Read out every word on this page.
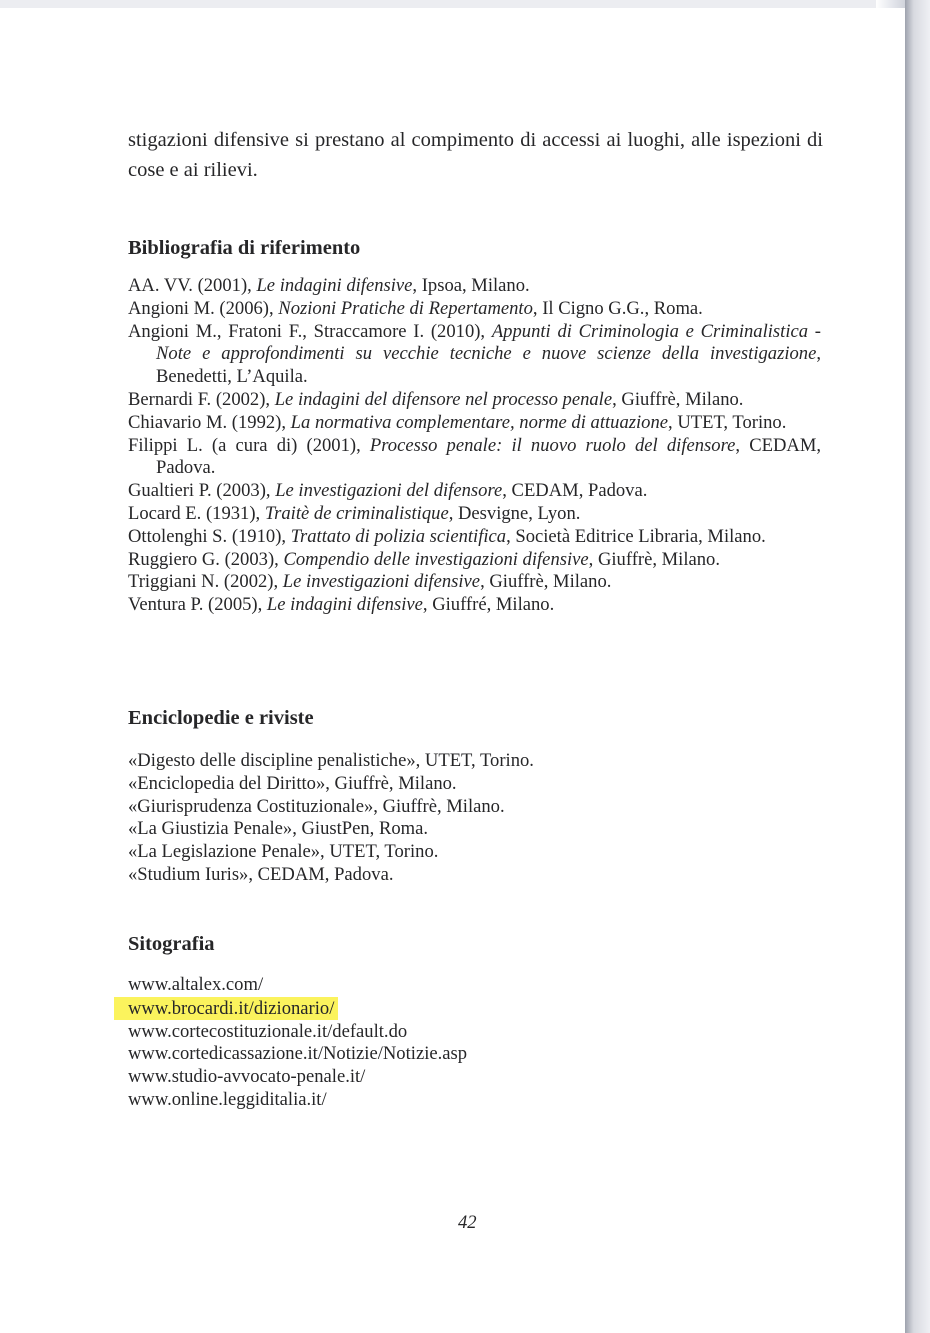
stigazioni difensive si prestano al compimento di accessi ai luoghi, alle ispezioni di cose e ai rilievi.

Bibliografia di riferimento
AA. VV. (2001), Le indagini difensive, Ipsoa, Milano.
Angioni M. (2006), Nozioni Pratiche di Repertamento, Il Cigno G.G., Roma.
Angioni M., Fratoni F., Straccamore I. (2010), Appunti di Criminologia e Criminalistica - Note e approfondimenti su vecchie tecniche e nuove scienze della investigazione, Benedetti, L’Aquila.
Bernardi F. (2002), Le indagini del difensore nel processo penale, Giuffrè, Milano.
Chiavario M. (1992), La normativa complementare, norme di attuazione, UTET, Torino.
Filippi L. (a cura di) (2001), Processo penale: il nuovo ruolo del difensore, CEDAM, Padova.
Gualtieri P. (2003), Le investigazioni del difensore, CEDAM, Padova.
Locard E. (1931), Traitè de criminalistique, Desvigne, Lyon.
Ottolenghi S. (1910), Trattato di polizia scientifica, Società Editrice Libraria, Milano.
Ruggiero G. (2003), Compendio delle investigazioni difensive, Giuffrè, Milano.
Triggiani N. (2002), Le investigazioni difensive, Giuffrè, Milano.
Ventura P. (2005), Le indagini difensive, Giuffré, Milano.
Enciclopedie e riviste
«Digesto delle discipline penalistiche», UTET, Torino.
«Enciclopedia del Diritto», Giuffrè, Milano.
«Giurisprudenza Costituzionale», Giuffrè, Milano.
«La Giustizia Penale», GiustPen, Roma.
«La Legislazione Penale», UTET, Torino.
«Studium Iuris», CEDAM, Padova.
Sitografia
www.altalex.com/
www.brocardi.it/dizionario/
www.cortecostituzionale.it/default.do
www.cortedicassazione.it/Notizie/Notizie.asp
www.studio-avvocato-penale.it/
www.online.leggiditalia.it/

42
